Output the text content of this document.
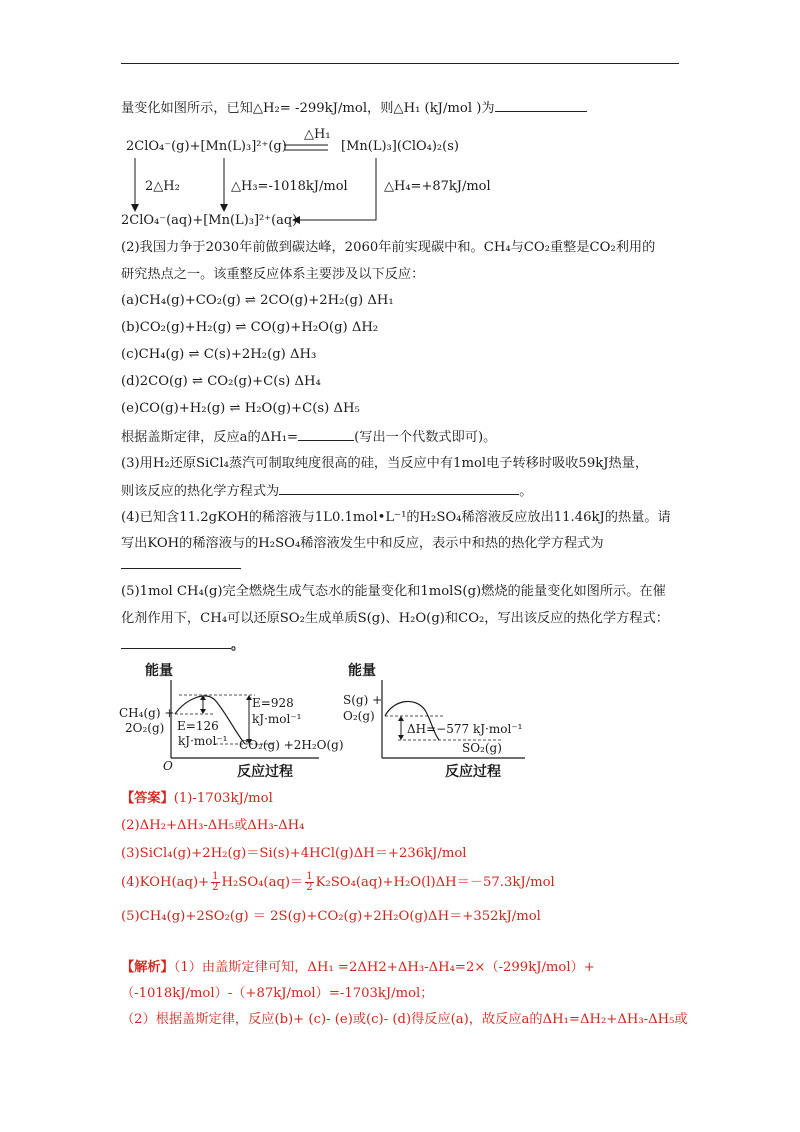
量变化如图所示，已知△H₂= -299kJ/mol，则△H₁ (kJ/mol )为
2ClO₄⁻(g)+[Mn(L)₃]²⁺(g)
△H₁
[Mn(L)₃](ClO₄)₂(s)
2△H₂	△H₃=-1018kJ/mol	△H₄=+87kJ/mol
2ClO₄⁻(aq)+[Mn(L)₃]²⁺(aq)
(2)我国力争于2030年前做到碳达峰，2060年前实现碳中和。CH₄与CO₂重整是CO₂利用的
研究热点之一。该重整反应体系主要涉及以下反应：
(a)CH₄(g)+CO₂(g) ⇌ 2CO(g)+2H₂(g) ΔH₁
(b)CO₂(g)+H₂(g) ⇌ CO(g)+H₂O(g) ΔH₂
(c)CH₄(g) ⇌ C(s)+2H₂(g) ΔH₃
(d)2CO(g) ⇌ CO₂(g)+C(s) ΔH₄
(e)CO(g)+H₂(g) ⇌ H₂O(g)+C(s) ΔH₅
根据盖斯定律，反应a的ΔH₁=	(写出一个代数式即可)。
(3)用H₂还原SiCl₄蒸汽可制取纯度很高的硅，当反应中有1mol电子转移时吸收59kJ热量，
则该反应的热化学方程式为	。
(4)已知含11.2gKOH的稀溶液与1L0.1mol•L⁻¹的H₂SO₄稀溶液反应放出11.46kJ的热量。请
写出KOH的稀溶液与的H₂SO₄稀溶液发生中和反应，表示中和热的热化学方程式为
(5)1mol CH₄(g)完全燃烧生成气态水的能量变化和1molS(g)燃烧的能量变化如图所示。在催
化剂作用下，CH₄可以还原SO₂生成单质S(g)、H₂O(g)和CO₂，写出该反应的热化学方程式：
。
能量
O	反应过程
CH₄(g) +
2O₂(g) E=126
kJ·mol⁻¹
E=928
kJ·mol⁻¹
CO₂(g) +2H₂O(g)
能量
反应过程
S(g) +
O₂(g)
ΔH=−577 kJ·mol⁻¹
SO₂(g)
【答案】(1)-1703kJ/mol
(2)ΔH₂+ΔH₃-ΔH₅或ΔH₃-ΔH₄
(3)SiCl₄(g)+2H₂(g)＝Si(s)+4HCl(g)ΔH＝+236kJ/mol
$(4)KOH(aq)+ \frac{1}{2} H_2SO_4(aq)= \frac{1}{2} K_2SO_4(aq)+H_2O(l)\Delta H=-57.3kJ/mol$
(5)CH₄(g)+2SO₂(g) ＝ 2S(g)+CO₂(g)+2H₂O(g)ΔH＝+352kJ/mol
【解析】（1）由盖斯定律可知，ΔH₁ =2ΔH2+ΔH₃-ΔH₄=2×（-299kJ/mol）+
（-1018kJ/mol）-（+87kJ/mol）=-1703kJ/mol；
（2）根据盖斯定律，反应(b)+ (c)- (e)或(c)- (d)得反应(a)，故反应a的ΔH₁=ΔH₂+ΔH₃-ΔH₅或
